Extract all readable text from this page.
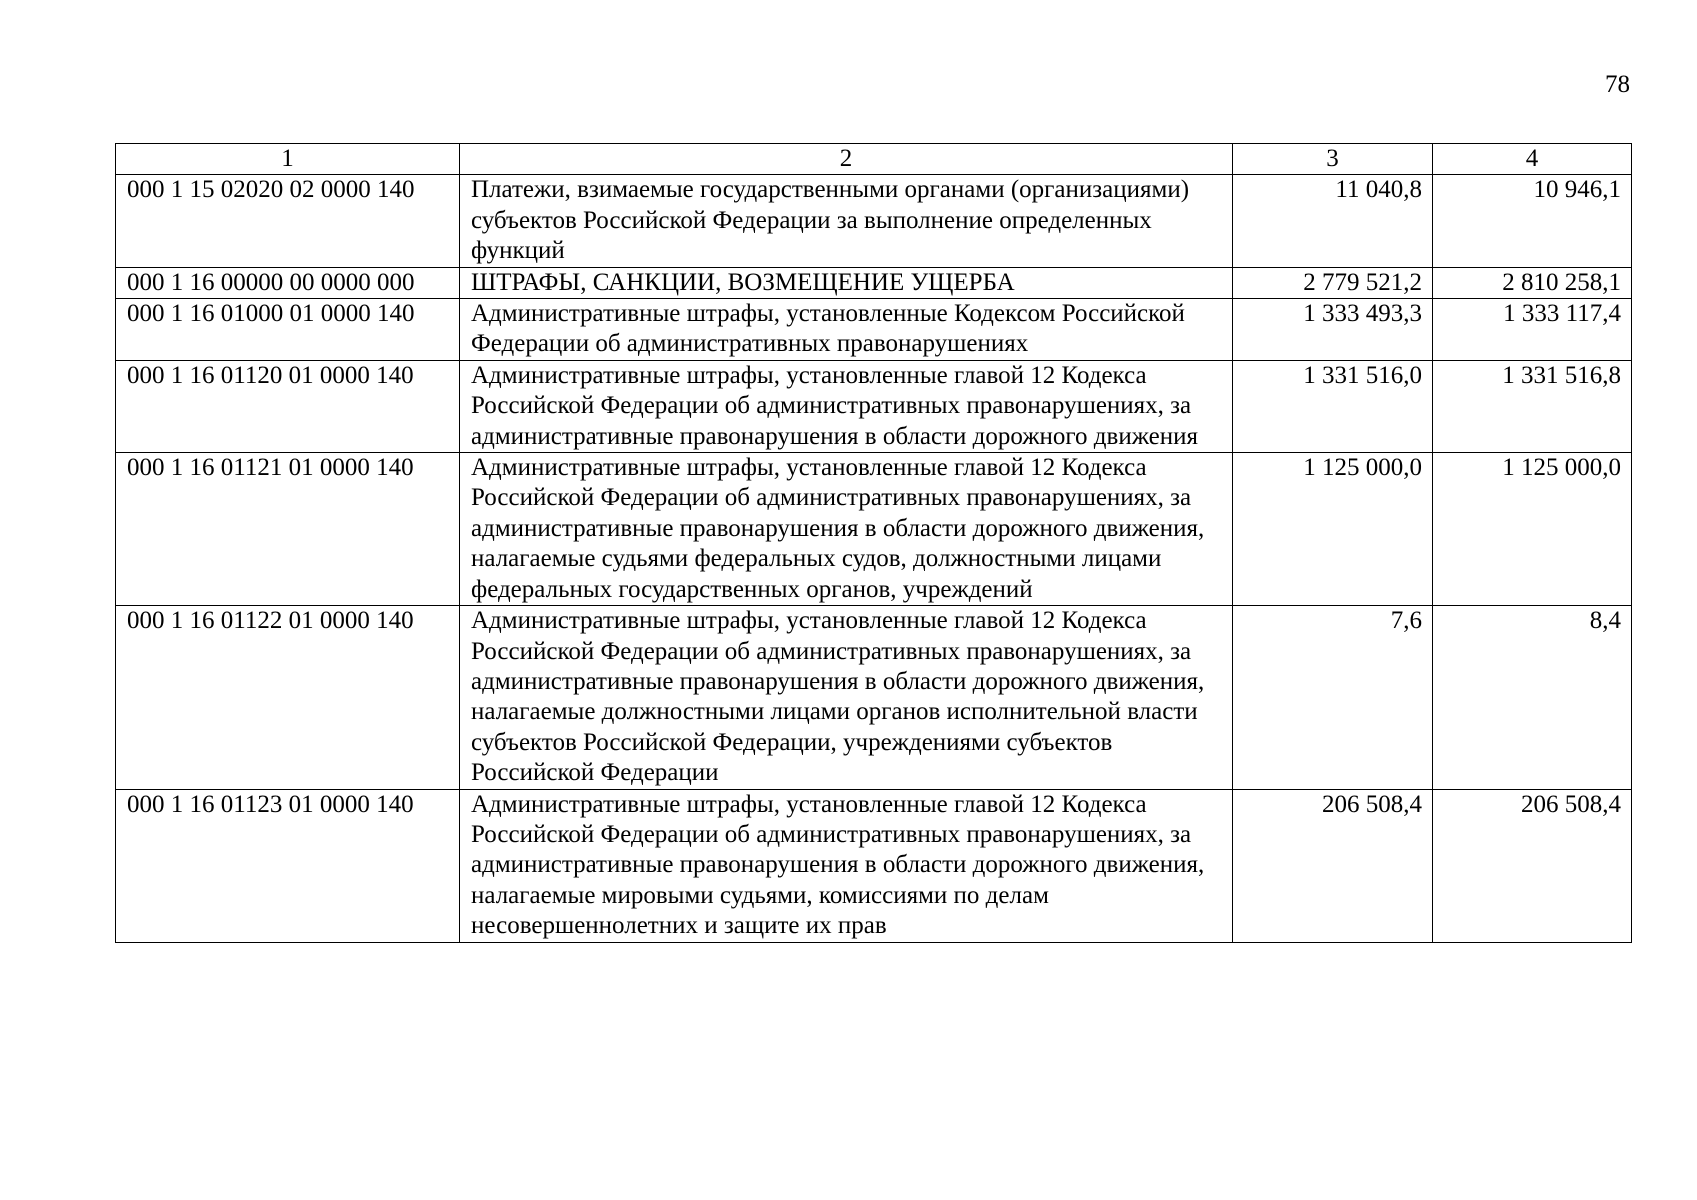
78
1	2	3	4
000 1 15 02020 02 0000 140	Платежи, взимаемые государственными органами (организациями) субъектов Российской Федерации за выполнение определенных функций	11 040,8	10 946,1
000 1 16 00000 00 0000 000	ШТРАФЫ, САНКЦИИ, ВОЗМЕЩЕНИЕ УЩЕРБА	2 779 521,2	2 810 258,1
000 1 16 01000 01 0000 140	Административные штрафы, установленные Кодексом Российской Федерации об административных правонарушениях	1 333 493,3	1 333 117,4
000 1 16 01120 01 0000 140	Административные штрафы, установленные главой 12 Кодекса Российской Федерации об административных правонарушениях, за административные правонарушения в области дорожного движения	1 331 516,0	1 331 516,8
000 1 16 01121 01 0000 140	Административные штрафы, установленные главой 12 Кодекса Российской Федерации об административных правонарушениях, за административные правонарушения в области дорожного движения, налагаемые судьями федеральных судов, должностными лицами федеральных государственных органов, учреждений	1 125 000,0	1 125 000,0
000 1 16 01122 01 0000 140	Административные штрафы, установленные главой 12 Кодекса Российской Федерации об административных правонарушениях, за административные правонарушения в области дорожного движения, налагаемые должностными лицами органов исполнительной власти субъектов Российской Федерации, учреждениями субъектов Российской Федерации	7,6	8,4
000 1 16 01123 01 0000 140	Административные штрафы, установленные главой 12 Кодекса Российской Федерации об административных правонарушениях, за административные правонарушения в области дорожного движения, налагаемые мировыми судьями, комиссиями по делам несовершеннолетних и защите их прав	206 508,4	206 508,4
